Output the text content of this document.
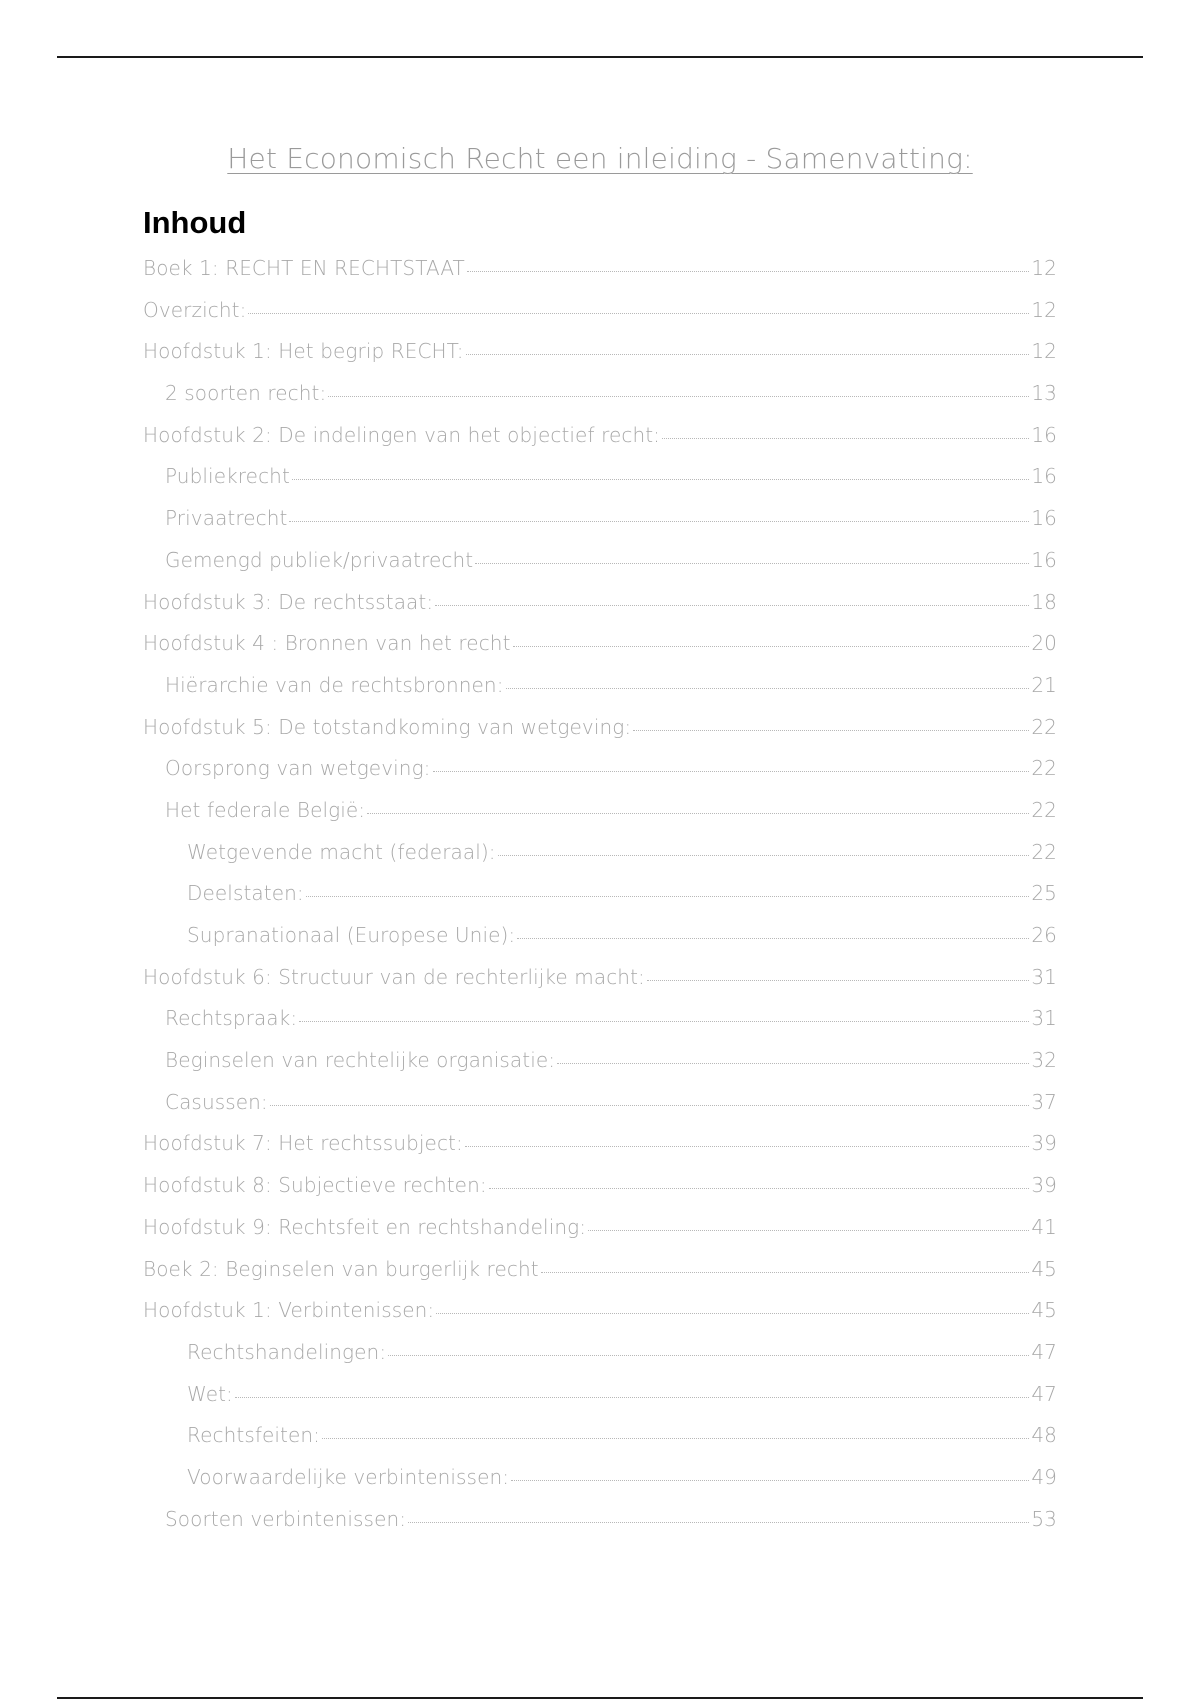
Het Economisch Recht een inleiding - Samenvatting:
Inhoud
Boek 1: RECHT EN RECHTSTAAT	12
Overzicht:	12
Hoofdstuk 1: Het begrip RECHT:	12
2 soorten recht:	13
Hoofdstuk 2: De indelingen van het objectief recht:	16
Publiekrecht	16
Privaatrecht	16
Gemengd publiek/privaatrecht	16
Hoofdstuk 3: De rechtsstaat:	18
Hoofdstuk 4 : Bronnen van het recht	20
Hiërarchie van de rechtsbronnen:	21
Hoofdstuk 5: De totstandkoming van wetgeving:	22
Oorsprong van wetgeving:	22
Het federale België:	22
Wetgevende macht (federaal):	22
Deelstaten:	25
Supranationaal (Europese Unie):	26
Hoofdstuk 6: Structuur van de rechterlijke macht:	31
Rechtspraak:	31
Beginselen van rechtelijke organisatie:	32
Casussen:	37
Hoofdstuk 7: Het rechtssubject:	39
Hoofdstuk 8: Subjectieve rechten:	39
Hoofdstuk 9: Rechtsfeit en rechtshandeling:	41
Boek 2: Beginselen van burgerlijk recht	45
Hoofdstuk 1: Verbintenissen:	45
Rechtshandelingen:	47
Wet:	47
Rechtsfeiten:	48
Voorwaardelijke verbintenissen:	49
Soorten verbintenissen:	53
